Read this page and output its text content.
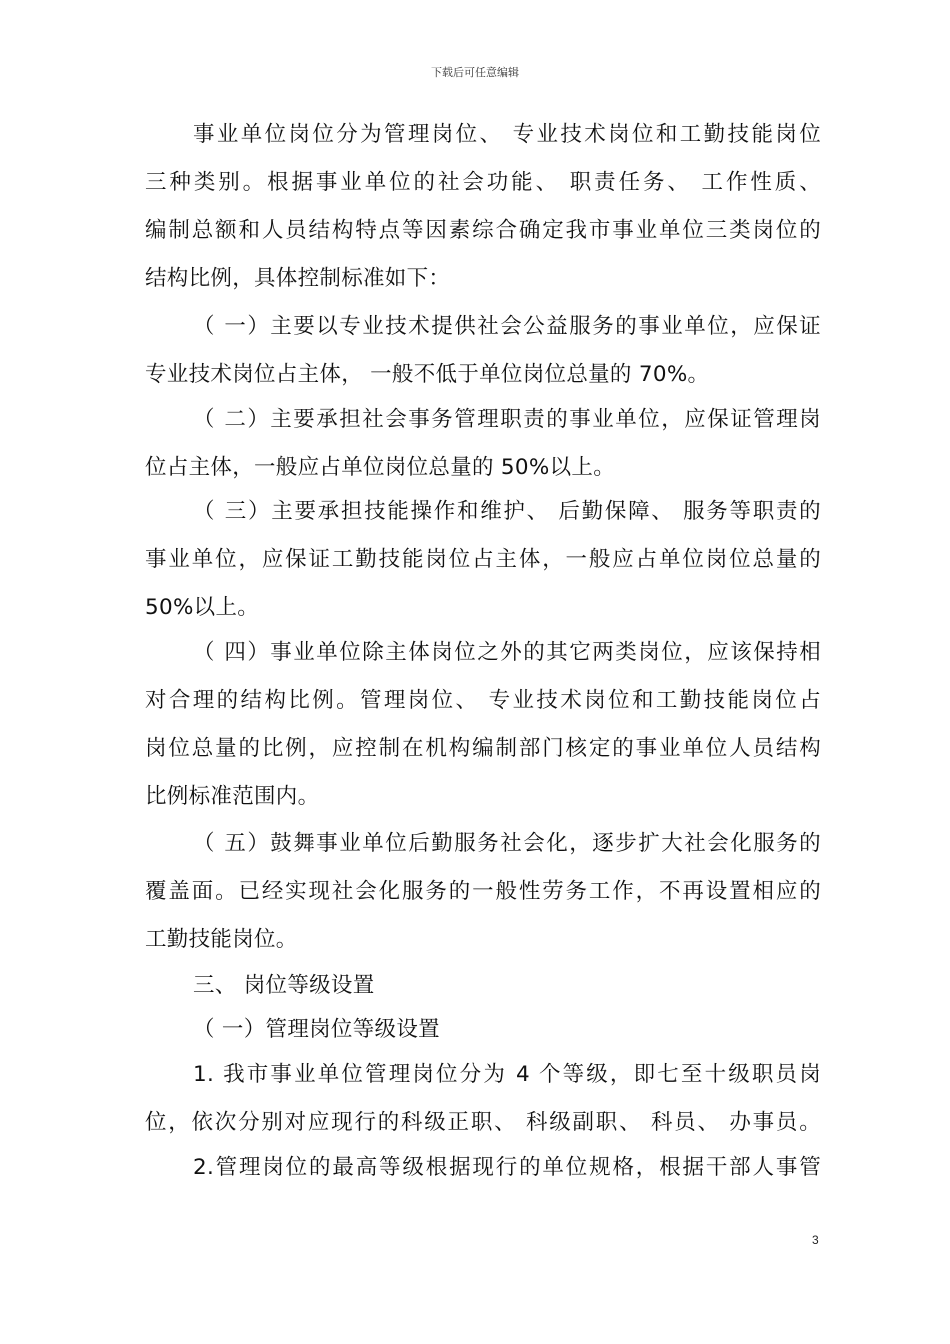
下载后可任意编辑
事业单位岗位分为管理岗位、 专业技术岗位和工勤技能岗位
三种类别。根据事业单位的社会功能、 职责任务、 工作性质、
编制总额和人员结构特点等因素综合确定我市事业单位三类岗位的
结构比例，具体控制标准如下：
（ 一）主要以专业技术提供社会公益服务的事业单位，应保证
专业技术岗位占主体， 一般不低于单位岗位总量的 70%。
（ 二）主要承担社会事务管理职责的事业单位，应保证管理岗
位占主体，一般应占单位岗位总量的 50%以上。
（ 三）主要承担技能操作和维护、 后勤保障、 服务等职责的
事业单位，应保证工勤技能岗位占主体，一般应占单位岗位总量的
50%以上。
（ 四）事业单位除主体岗位之外的其它两类岗位，应该保持相
对合理的结构比例。管理岗位、 专业技术岗位和工勤技能岗位占
岗位总量的比例，应控制在机构编制部门核定的事业单位人员结构
比例标准范围内。
（ 五）鼓舞事业单位后勤服务社会化，逐步扩大社会化服务的
覆盖面。已经实现社会化服务的一般性劳务工作，不再设置相应的
工勤技能岗位。
三、 岗位等级设置
（ 一）管理岗位等级设置
1. 我市事业单位管理岗位分为 4 个等级，即七至十级职员岗
位，依次分别对应现行的科级正职、 科级副职、 科员、 办事员。
2.管理岗位的最高等级根据现行的单位规格，根据干部人事管
3
